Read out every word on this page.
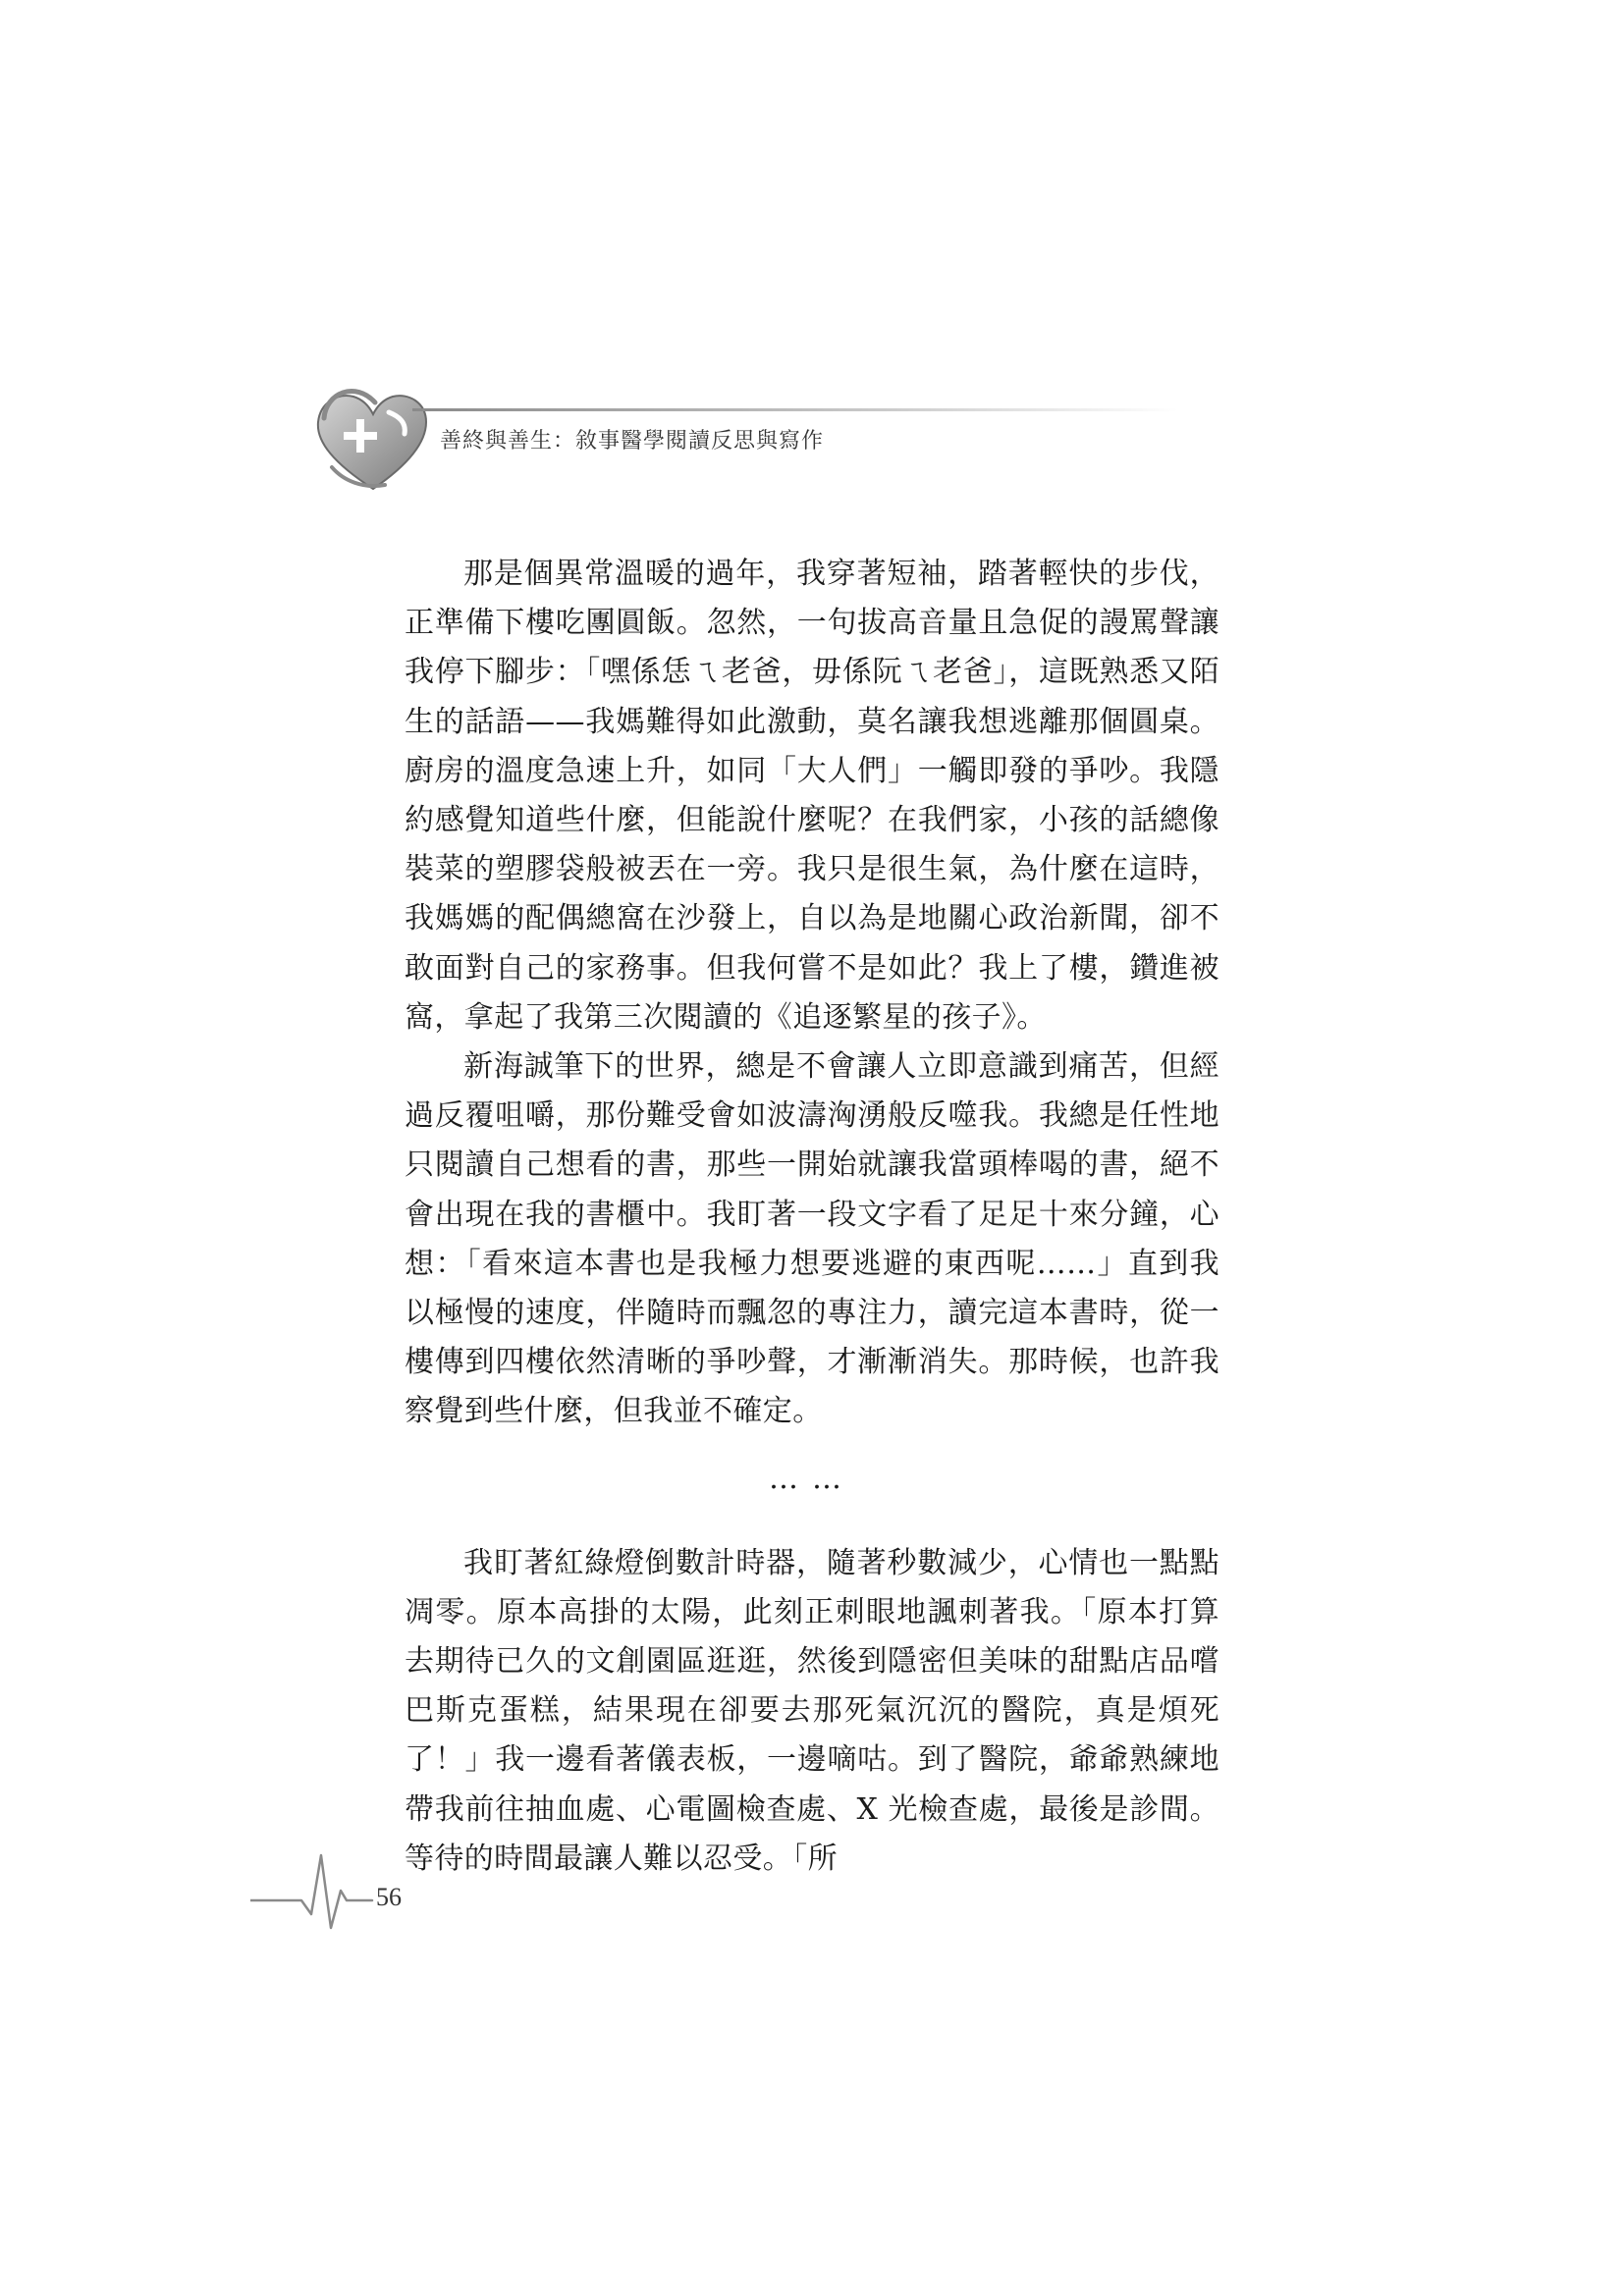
善終與善生：敘事醫學閱讀反思與寫作

那是個異常溫暖的過年，我穿著短袖，踏著輕快的步伐，正準備下樓吃團圓飯。忽然，一句拔高音量且急促的謾罵聲讓我停下腳步：「嘿係恁ㄟ老爸，毋係阮ㄟ老爸」，這既熟悉又陌生的話語——我媽難得如此激動，莫名讓我想逃離那個圓桌。廚房的溫度急速上升，如同「大人們」一觸即發的爭吵。我隱約感覺知道些什麼，但能說什麼呢？在我們家，小孩的話總像裝菜的塑膠袋般被丟在一旁。我只是很生氣，為什麼在這時，我媽媽的配偶總窩在沙發上，自以為是地關心政治新聞，卻不敢面對自己的家務事。但我何嘗不是如此？我上了樓，鑽進被窩，拿起了我第三次閱讀的《追逐繁星的孩子》。

新海誠筆下的世界，總是不會讓人立即意識到痛苦，但經過反覆咀嚼，那份難受會如波濤洶湧般反噬我。我總是任性地只閱讀自己想看的書，那些一開始就讓我當頭棒喝的書，絕不會出現在我的書櫃中。我盯著一段文字看了足足十來分鐘，心想：「看來這本書也是我極力想要逃避的東西呢……」直到我以極慢的速度，伴隨時而飄忽的專注力，讀完這本書時，從一樓傳到四樓依然清晰的爭吵聲，才漸漸消失。那時候，也許我察覺到些什麼，但我並不確定。

……

我盯著紅綠燈倒數計時器，隨著秒數減少，心情也一點點凋零。原本高掛的太陽，此刻正刺眼地諷刺著我。「原本打算去期待已久的文創園區逛逛，然後到隱密但美味的甜點店品嚐巴斯克蛋糕，結果現在卻要去那死氣沉沉的醫院，真是煩死了！」我一邊看著儀表板，一邊嘀咕。到了醫院，爺爺熟練地帶我前往抽血處、心電圖檢查處、X 光檢查處，最後是診間。等待的時間最讓人難以忍受。「所

56
